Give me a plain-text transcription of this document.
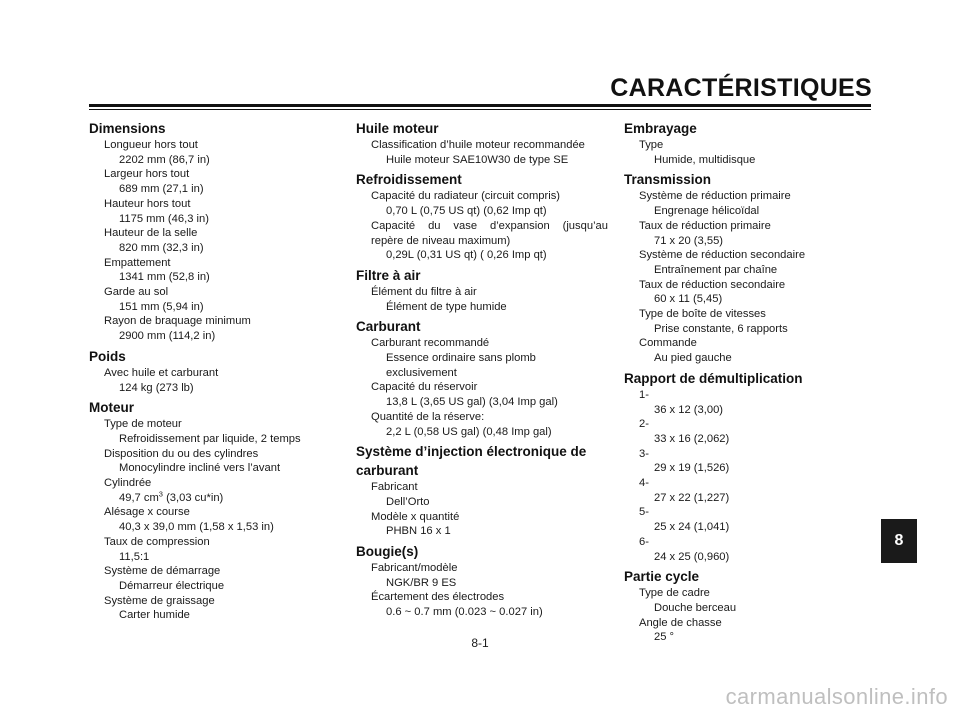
CARACTÉRISTIQUES
Dimensions
Longueur hors tout
2202 mm (86,7 in)
Largeur hors tout
689 mm (27,1 in)
Hauteur hors tout
1175 mm (46,3 in)
Hauteur de la selle
820 mm (32,3 in)
Empattement
1341 mm (52,8 in)
Garde au sol
151 mm (5,94 in)
Rayon de braquage minimum
2900 mm (114,2 in)
Poids
Avec huile et carburant
124 kg (273 lb)
Moteur
Type de moteur
Refroidissement par liquide, 2 temps
Disposition du ou des cylindres
Monocylindre incliné vers l’avant
Cylindrée
49,7 $cm^3$ (3,03 cu*in)
Alésage x course
40,3 x 39,0 mm (1,58 x 1,53 in)
Taux de compression
11,5:1
Système de démarrage
Démarreur électrique
Système de graissage
Carter humide
Huile moteur
Classification d’huile moteur recommandée
Huile moteur SAE10W30 de type SE
Refroidissement
Capacité du radiateur (circuit compris)
0,70 L (0,75 US qt) (0,62 Imp qt)
Capacité du vase d’expansion (jusqu’au
repère de niveau maximum)
0,29L (0,31 US qt) ( 0,26 Imp qt)
Filtre à air
Élément du filtre à air
Élément de type humide
Carburant
Carburant recommandé
Essence ordinaire sans plomb
exclusivement
Capacité du réservoir
13,8 L (3,65 US gal) (3,04 Imp gal)
Quantité de la réserve:
2,2 L (0,58 US gal) (0,48 Imp gal)
Système d’injection électronique de
carburant
Fabricant
Dell’Orto
Modèle x quantité
PHBN 16 x 1
Bougie(s)
Fabricant/modèle
NGK/BR 9 ES
Écartement des électrodes
0.6 ~ 0.7 mm (0.023 ~ 0.027 in)
Embrayage
Type
Humide, multidisque
Transmission
Système de réduction primaire
Engrenage hélicoïdal
Taux de réduction primaire
71 x 20 (3,55)
Système de réduction secondaire
Entraînement par chaîne
Taux de réduction secondaire
60 x 11 (5,45)
Type de boîte de vitesses
Prise constante, 6 rapports
Commande
Au pied gauche
Rapport de démultiplication
1-
36 x 12 (3,00)
2-
33 x 16 (2,062)
3-
29 x 19 (1,526)
4-
27 x 22 (1,227)
5-
25 x 24 (1,041)
6-
24 x 25 (0,960)
Partie cycle
Type de cadre
Douche berceau
Angle de chasse
25 °
8-1
8
carmanualsonline.info
